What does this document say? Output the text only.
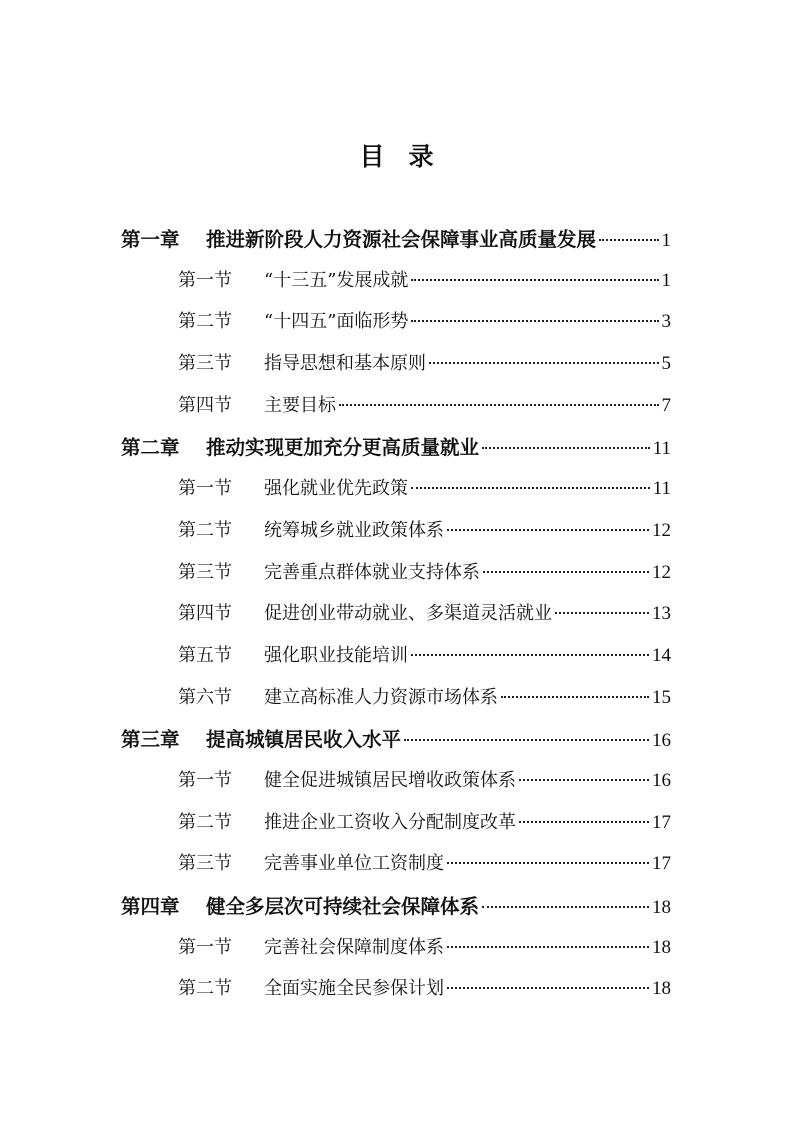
目录
第一章	推进新阶段人力资源社会保障事业高质量发展	1
第一节	“十三五”发展成就	1
第二节	“十四五”面临形势	3
第三节	指导思想和基本原则	5
第四节	主要目标	7
第二章	推动实现更加充分更高质量就业	11
第一节	强化就业优先政策	11
第二节	统筹城乡就业政策体系	12
第三节	完善重点群体就业支持体系	12
第四节	促进创业带动就业、多渠道灵活就业	13
第五节	强化职业技能培训	14
第六节	建立高标准人力资源市场体系	15
第三章	提高城镇居民收入水平	16
第一节	健全促进城镇居民增收政策体系	16
第二节	推进企业工资收入分配制度改革	17
第三节	完善事业单位工资制度	17
第四章	健全多层次可持续社会保障体系	18
第一节	完善社会保障制度体系	18
第二节	全面实施全民参保计划	18
